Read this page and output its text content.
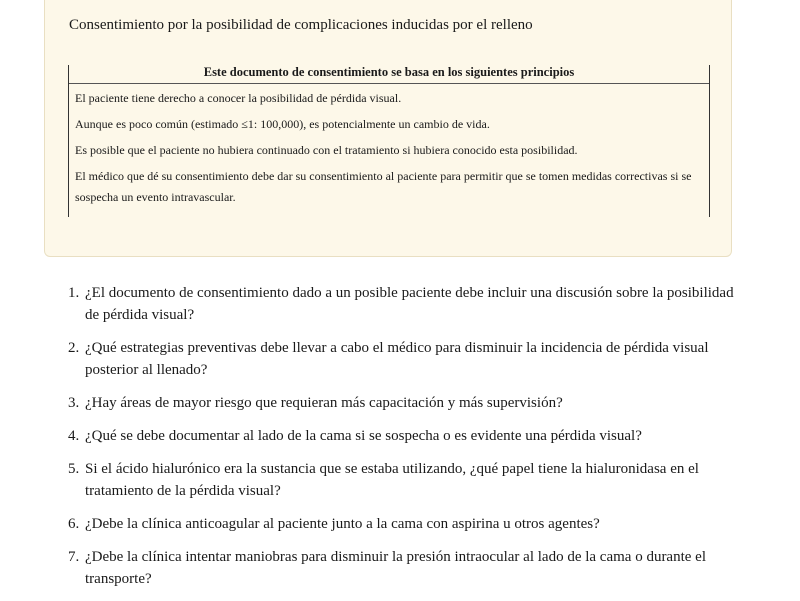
Consentimiento por la posibilidad de complicaciones inducidas por el relleno
Este documento de consentimiento se basa en los siguientes principios
El paciente tiene derecho a conocer la posibilidad de pérdida visual.
Aunque es poco común (estimado ≤1: 100,000), es potencialmente un cambio de vida.
Es posible que el paciente no hubiera continuado con el tratamiento si hubiera conocido esta posibilidad.
El médico que dé su consentimiento debe dar su consentimiento al paciente para permitir que se tomen medidas correctivas si se sospecha un evento intravascular.
1. ¿El documento de consentimiento dado a un posible paciente debe incluir una discusión sobre la posibilidad de pérdida visual?
2. ¿Qué estrategias preventivas debe llevar a cabo el médico para disminuir la incidencia de pérdida visual posterior al llenado?
3. ¿Hay áreas de mayor riesgo que requieran más capacitación y más supervisión?
4. ¿Qué se debe documentar al lado de la cama si se sospecha o es evidente una pérdida visual?
5. Si el ácido hialurónico era la sustancia que se estaba utilizando, ¿qué papel tiene la hialuronidasa en el tratamiento de la pérdida visual?
6. ¿Debe la clínica anticoagular al paciente junto a la cama con aspirina u otros agentes?
7. ¿Debe la clínica intentar maniobras para disminuir la presión intraocular al lado de la cama o durante el transporte?
